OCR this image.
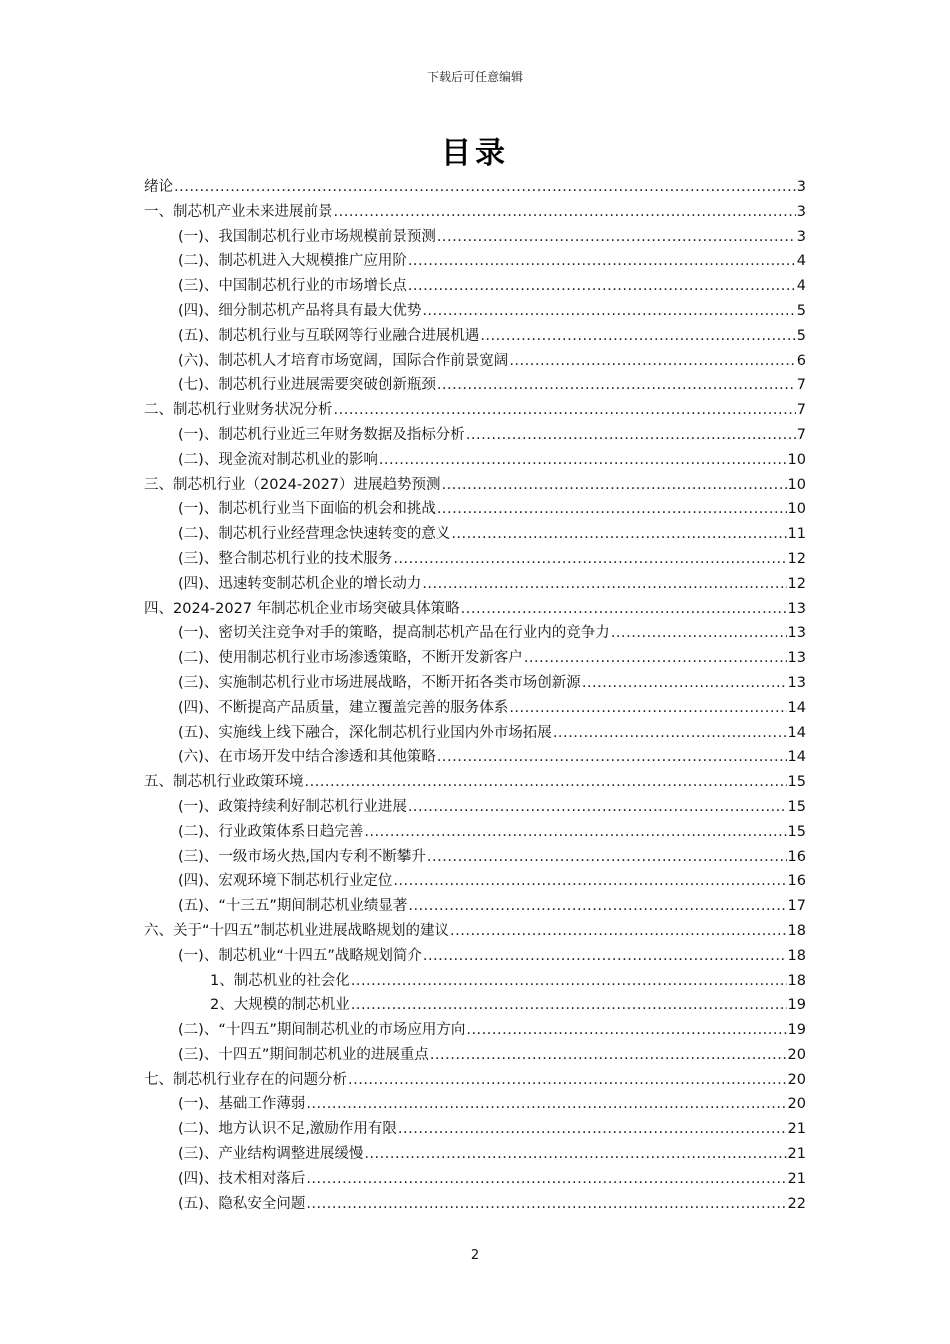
下载后可任意编辑
目录
绪论 .....	3
一、制芯机产业未来进展前景 .....	3
(一)、我国制芯机行业市场规模前景预测 .....	3
(二)、制芯机进入大规模推广应用阶 .....	4
(三)、中国制芯机行业的市场增长点 .....	4
(四)、细分制芯机产品将具有最大优势 .....	5
(五)、制芯机行业与互联网等行业融合进展机遇 .....	5
(六)、制芯机人才培育市场宽阔，国际合作前景宽阔 .....	6
(七)、制芯机行业进展需要突破创新瓶颈 .....	7
二、制芯机行业财务状况分析 .....	7
(一)、制芯机行业近三年财务数据及指标分析 .....	7
(二)、现金流对制芯机业的影响 .....	10
三、制芯机行业（2024-2027）进展趋势预测 .....	10
(一)、制芯机行业当下面临的机会和挑战 .....	10
(二)、制芯机行业经营理念快速转变的意义 .....	11
(三)、整合制芯机行业的技术服务 .....	12
(四)、迅速转变制芯机企业的增长动力 .....	12
四、2024-2027 年制芯机企业市场突破具体策略 .....	13
(一)、密切关注竞争对手的策略，提高制芯机产品在行业内的竞争力 .....	13
(二)、使用制芯机行业市场渗透策略，不断开发新客户 .....	13
(三)、实施制芯机行业市场进展战略，不断开拓各类市场创新源 .....	13
(四)、不断提高产品质量，建立覆盖完善的服务体系 .....	14
(五)、实施线上线下融合，深化制芯机行业国内外市场拓展 .....	14
(六)、在市场开发中结合渗透和其他策略 .....	14
五、制芯机行业政策环境 .....	15
(一)、政策持续利好制芯机行业进展 .....	15
(二)、行业政策体系日趋完善 .....	15
(三)、一级市场火热,国内专利不断攀升 .....	16
(四)、宏观环境下制芯机行业定位 .....	16
(五)、“十三五”期间制芯机业绩显著 .....	17
六、关于“十四五”制芯机业进展战略规划的建议 .....	18
(一)、制芯机业“十四五”战略规划简介 .....	18
1、制芯机业的社会化 .....	18
2、大规模的制芯机业 .....	19
(二)、“十四五”期间制芯机业的市场应用方向 .....	19
(三)、十四五”期间制芯机业的进展重点 .....	20
七、制芯机行业存在的问题分析 .....	20
(一)、基础工作薄弱 .....	20
(二)、地方认识不足,激励作用有限 .....	21
(三)、产业结构调整进展缓慢 .....	21
(四)、技术相对落后 .....	21
(五)、隐私安全问题 .....	22
2
